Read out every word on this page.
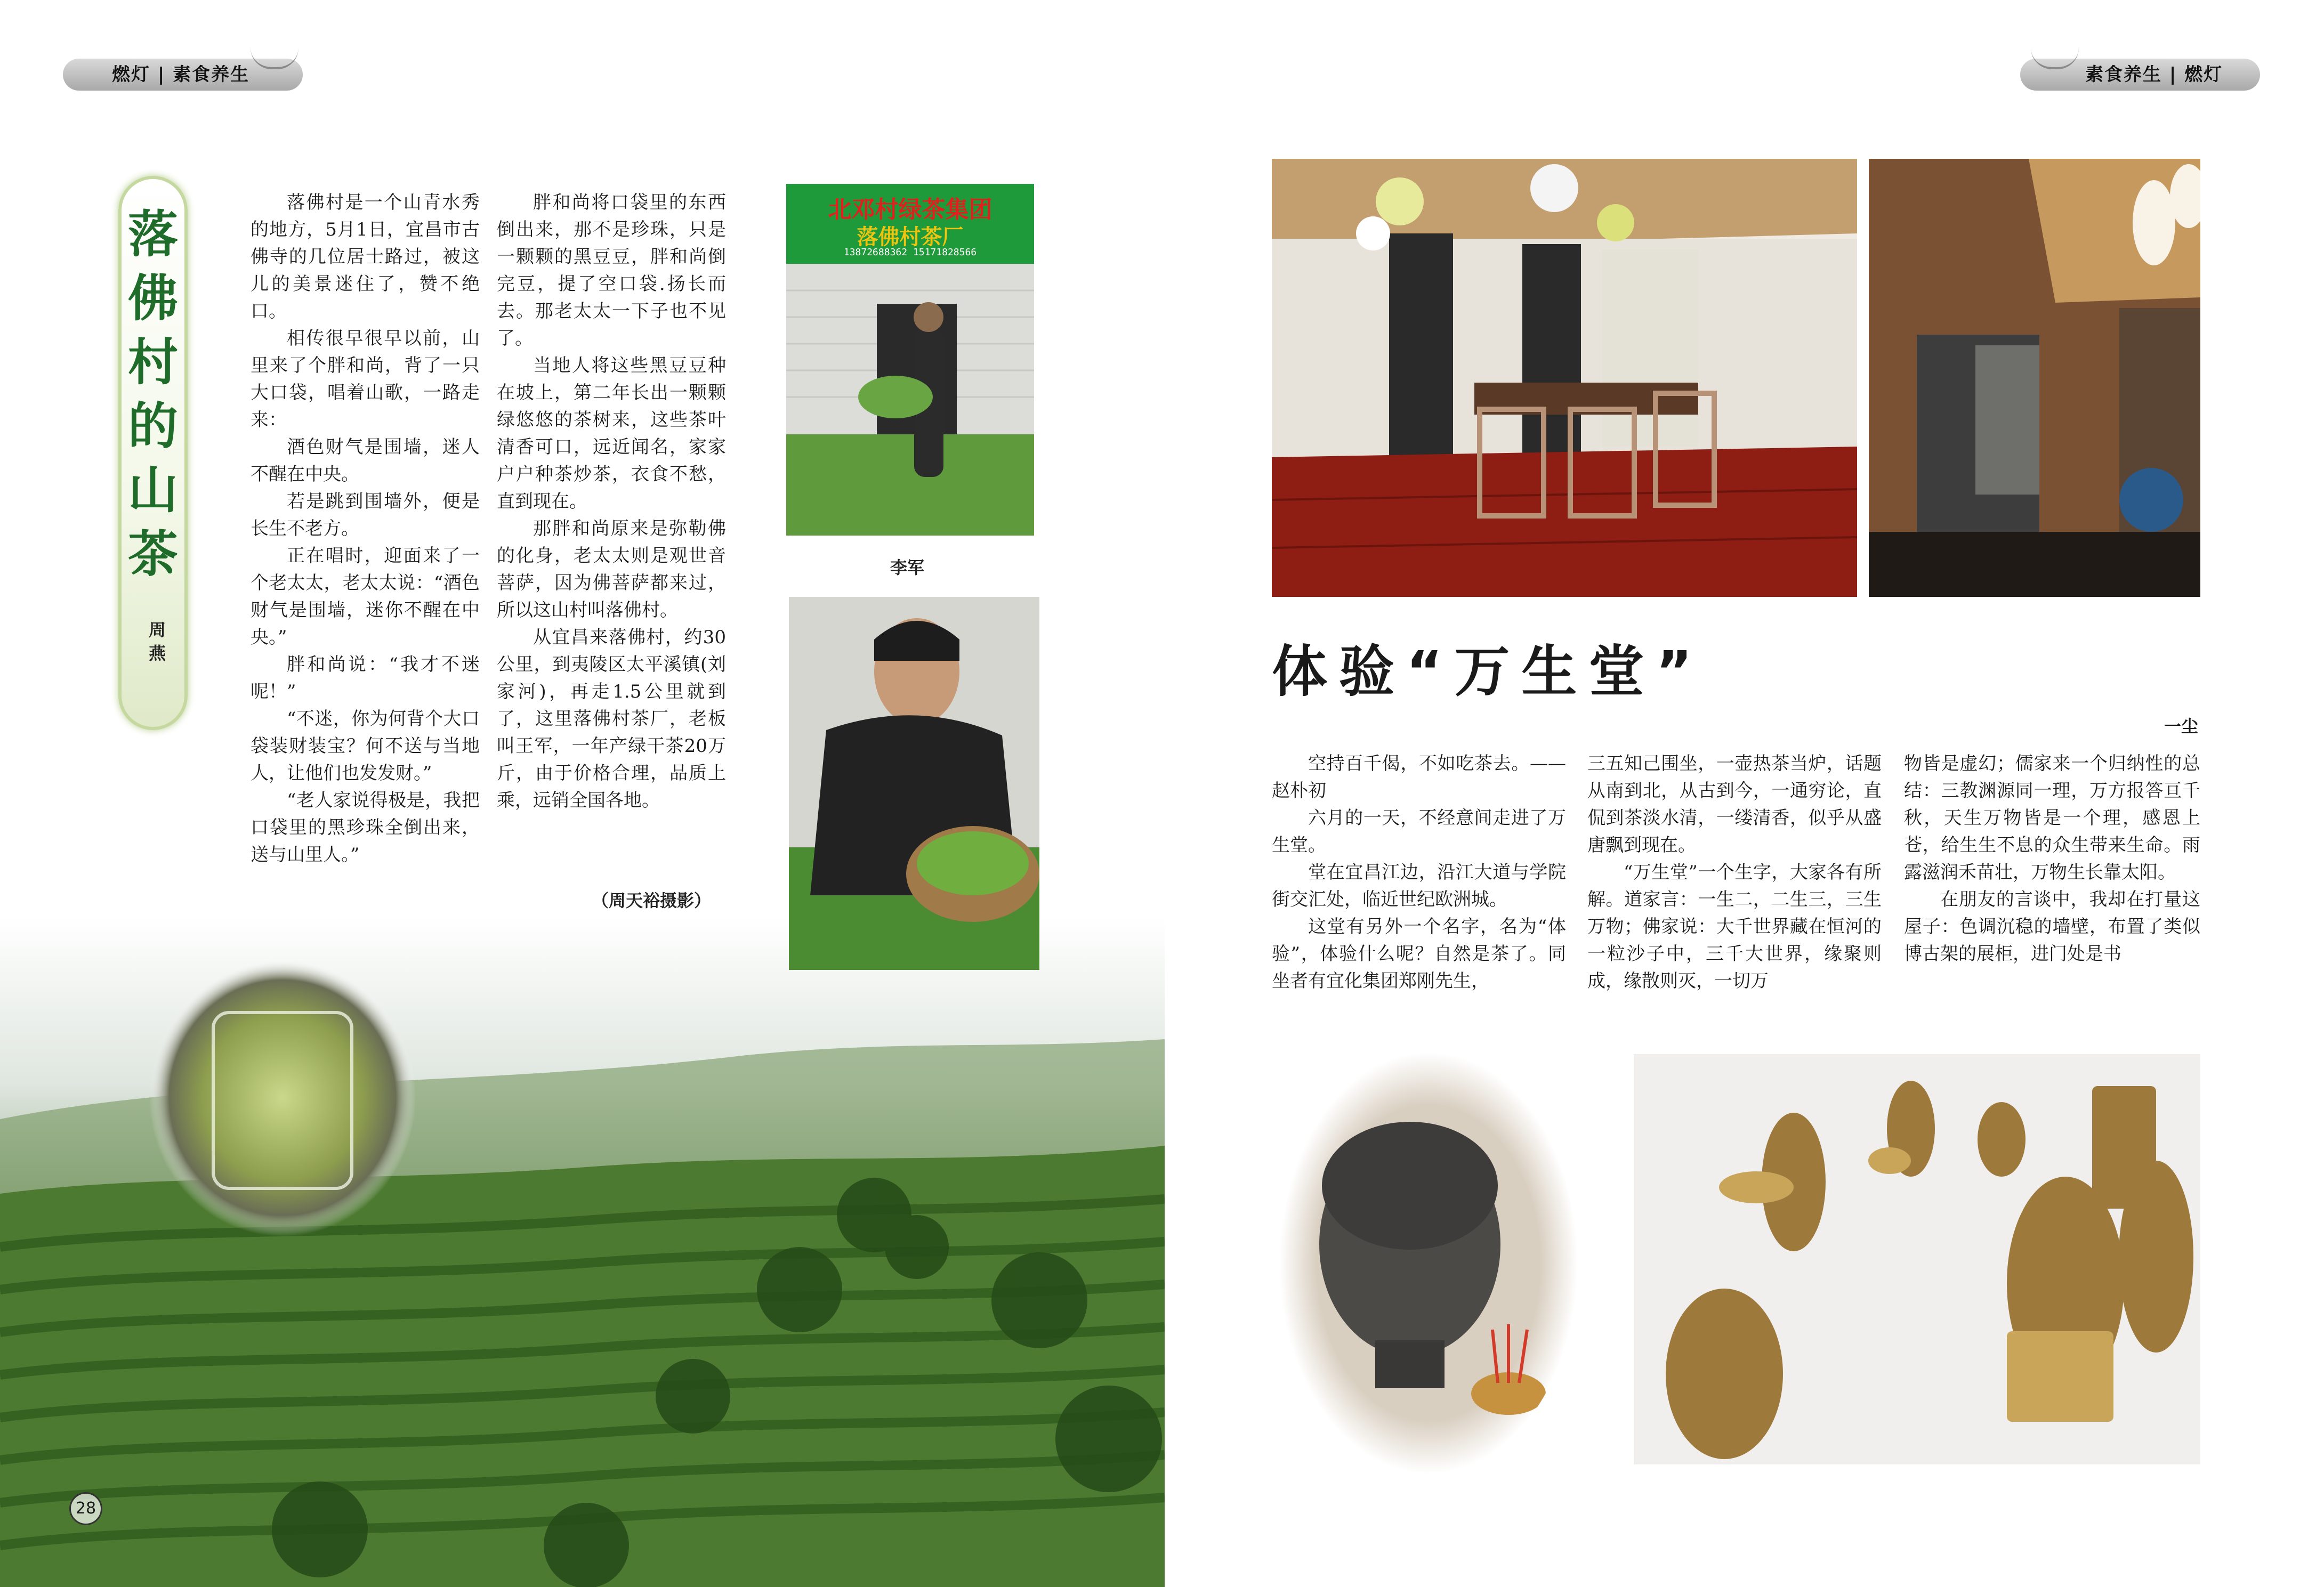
燃灯 | 素食养生	素食养生 | 燃灯
落佛村的山茶
周
燕

落佛村是一个山青水秀的地方，5月1日，宜昌市古佛寺的几位居士路过，被这儿的美景迷住了，赞不绝口。

相传很早很早以前，山里来了个胖和尚，背了一只大口袋，唱着山歌，一路走来：

酒色财气是围墙，迷人不醒在中央。

若是跳到围墙外，便是长生不老方。

正在唱时，迎面来了一个老太太，老太太说：“酒色财气是围墙，迷你不醒在中央。”

胖和尚说：“我才不迷呢！”

“不迷，你为何背个大口袋装财装宝？何不送与当地人，让他们也发发财。”

“老人家说得极是，我把口袋里的黑珍珠全倒出来，送与山里人。”

胖和尚将口袋里的东西倒出来，那不是珍珠，只是一颗颗的黑豆豆，胖和尚倒完豆，提了空口袋.扬长而去。那老太太一下子也不见了。

当地人将这些黑豆豆种在坡上，第二年长出一颗颗绿悠悠的茶树来，这些茶叶清香可口，远近闻名，家家户户种茶炒茶，衣食不愁，直到现在。

那胖和尚原来是弥勒佛的化身，老太太则是观世音菩萨，因为佛菩萨都来过，所以这山村叫落佛村。

从宜昌来落佛村，约30公里，到夷陵区太平溪镇(刘家河)，再走1.5公里就到了，这里落佛村茶厂，老板叫王军，一年产绿干茶20万斤，由于价格合理，品质上乘，远销全国各地。

（周天裕摄影）
北邓村绿茶集团
落佛村茶厂
13872688362 15171828566
李军
28
体验“万生堂”
一尘

空持百千偈，不如吃茶去。——赵朴初

六月的一天，不经意间走进了万生堂。

堂在宜昌江边，沿江大道与学院街交汇处，临近世纪欧洲城。

这堂有另外一个名字，名为“体验”，体验什么呢？自然是茶了。同坐者有宜化集团郑刚先生，

三五知己围坐，一壶热茶当炉，话题从南到北，从古到今，一通穷论，直侃到茶淡水清，一缕清香，似乎从盛唐飘到现在。

“万生堂”一个生字，大家各有所解。道家言：一生二，二生三，三生万物；佛家说：大千世界藏在恒河的一粒沙子中，三千大世界，缘聚则成，缘散则灭，一切万

物皆是虚幻；儒家来一个归纳性的总结：三教渊源同一理，万方报答亘千秋，天生万物皆是一个理，感恩上苍，给生生不息的众生带来生命。雨露滋润禾苗壮，万物生长靠太阳。

在朋友的言谈中，我却在打量这屋子：色调沉稳的墙壁，布置了类似博古架的展柜，进门处是书
